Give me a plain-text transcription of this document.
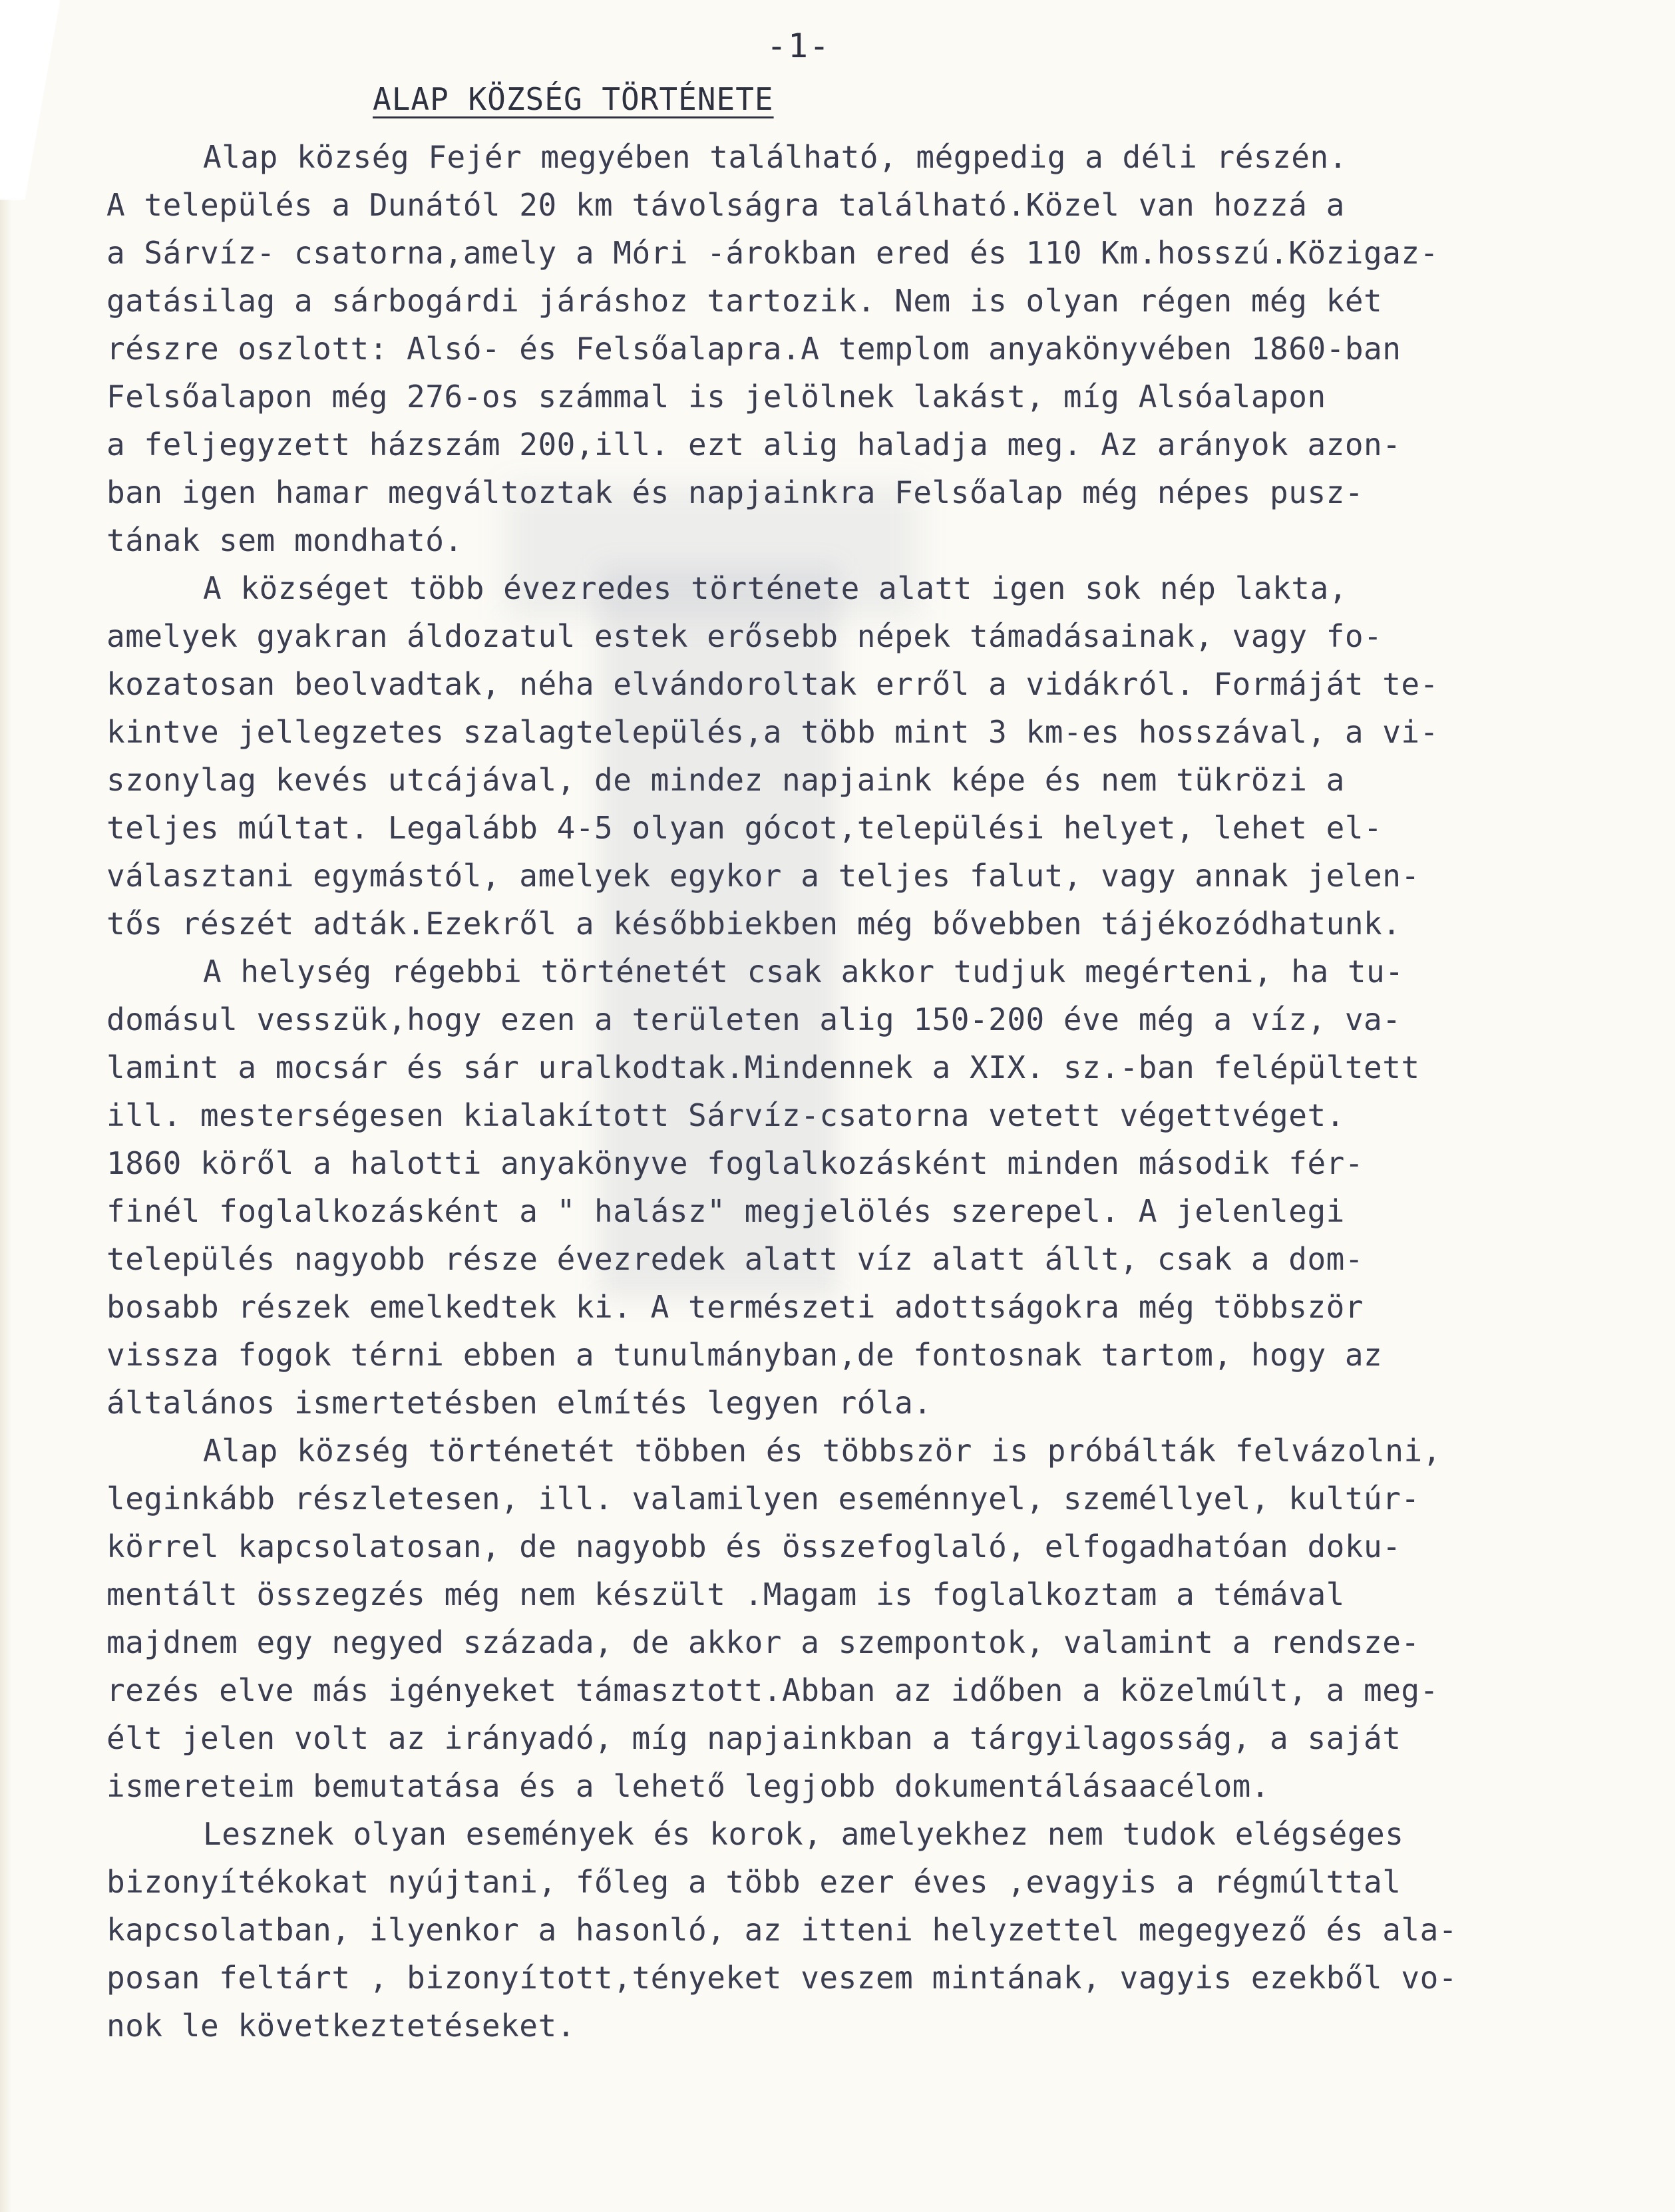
-1-
ALAP KÖZSÉG TÖRTÉNETE
Alap község Fejér megyében található, mégpedig a déli részén.
A település a Dunától 20 km távolságra található.Közel van hozzá a
a Sárvíz- csatorna,amely a Móri -árokban ered és 110 Km.hosszú.Közigaz-
gatásilag a sárbogárdi járáshoz tartozik. Nem is olyan régen még két
részre oszlott: Alsó- és Felsőalapra.A templom anyakönyvében 1860-ban
Felsőalapon még 276-os számmal is jelölnek lakást, míg Alsóalapon
a feljegyzett házszám 200,ill. ezt alig haladja meg. Az arányok azon-
ban igen hamar megváltoztak és napjainkra Felsőalap még népes pusz-
tának sem mondható.
A községet több évezredes története alatt igen sok nép lakta,
amelyek gyakran áldozatul estek erősebb népek támadásainak, vagy fo-
kozatosan beolvadtak, néha elvándoroltak erről a vidákról. Formáját te-
kintve jellegzetes szalagtelepülés,a több mint 3 km-es hosszával, a vi-
szonylag kevés utcájával, de mindez napjaink képe és nem tükrözi a
teljes múltat. Legalább 4-5 olyan gócot,települési helyet, lehet el-
választani egymástól, amelyek egykor a teljes falut, vagy annak jelen-
tős részét adták.Ezekről a későbbiekben még bővebben tájékozódhatunk.
A helység régebbi történetét csak akkor tudjuk megérteni, ha tu-
domásul vesszük,hogy ezen a területen alig 150-200 éve még a víz, va-
lamint a mocsár és sár uralkodtak.Mindennek a XIX. sz.-ban felépültett
ill. mesterségesen kialakított Sárvíz-csatorna vetett végettvéget.
1860 köről a halotti anyakönyve foglalkozásként minden második fér-
finél foglalkozásként a " halász" megjelölés szerepel. A jelenlegi
település nagyobb része évezredek alatt víz alatt állt, csak a dom-
bosabb részek emelkedtek ki. A természeti adottságokra még többször
vissza fogok térni ebben a tunulmányban,de fontosnak tartom, hogy az
általános ismertetésben elmítés legyen róla.
Alap község történetét többen és többször is próbálták felvázolni,
leginkább részletesen, ill. valamilyen eseménnyel, személlyel, kultúr-
körrel kapcsolatosan, de nagyobb és összefoglaló, elfogadhatóan doku-
mentált összegzés még nem készült .Magam is foglalkoztam a témával
majdnem egy negyed százada, de akkor a szempontok, valamint a rendsze-
rezés elve más igényeket támasztott.Abban az időben a közelmúlt, a meg-
élt jelen volt az irányadó, míg napjainkban a tárgyilagosság, a saját
ismereteim bemutatása és a lehető legjobb dokumentálásaacélom.
Lesznek olyan események és korok, amelyekhez nem tudok elégséges
bizonyítékokat nyújtani, főleg a több ezer éves ,evagyis a régmúlttal
kapcsolatban, ilyenkor a hasonló, az itteni helyzettel megegyező és ala-
posan feltárt , bizonyított,tényeket veszem mintának, vagyis ezekből vo-
nok le következtetéseket.
